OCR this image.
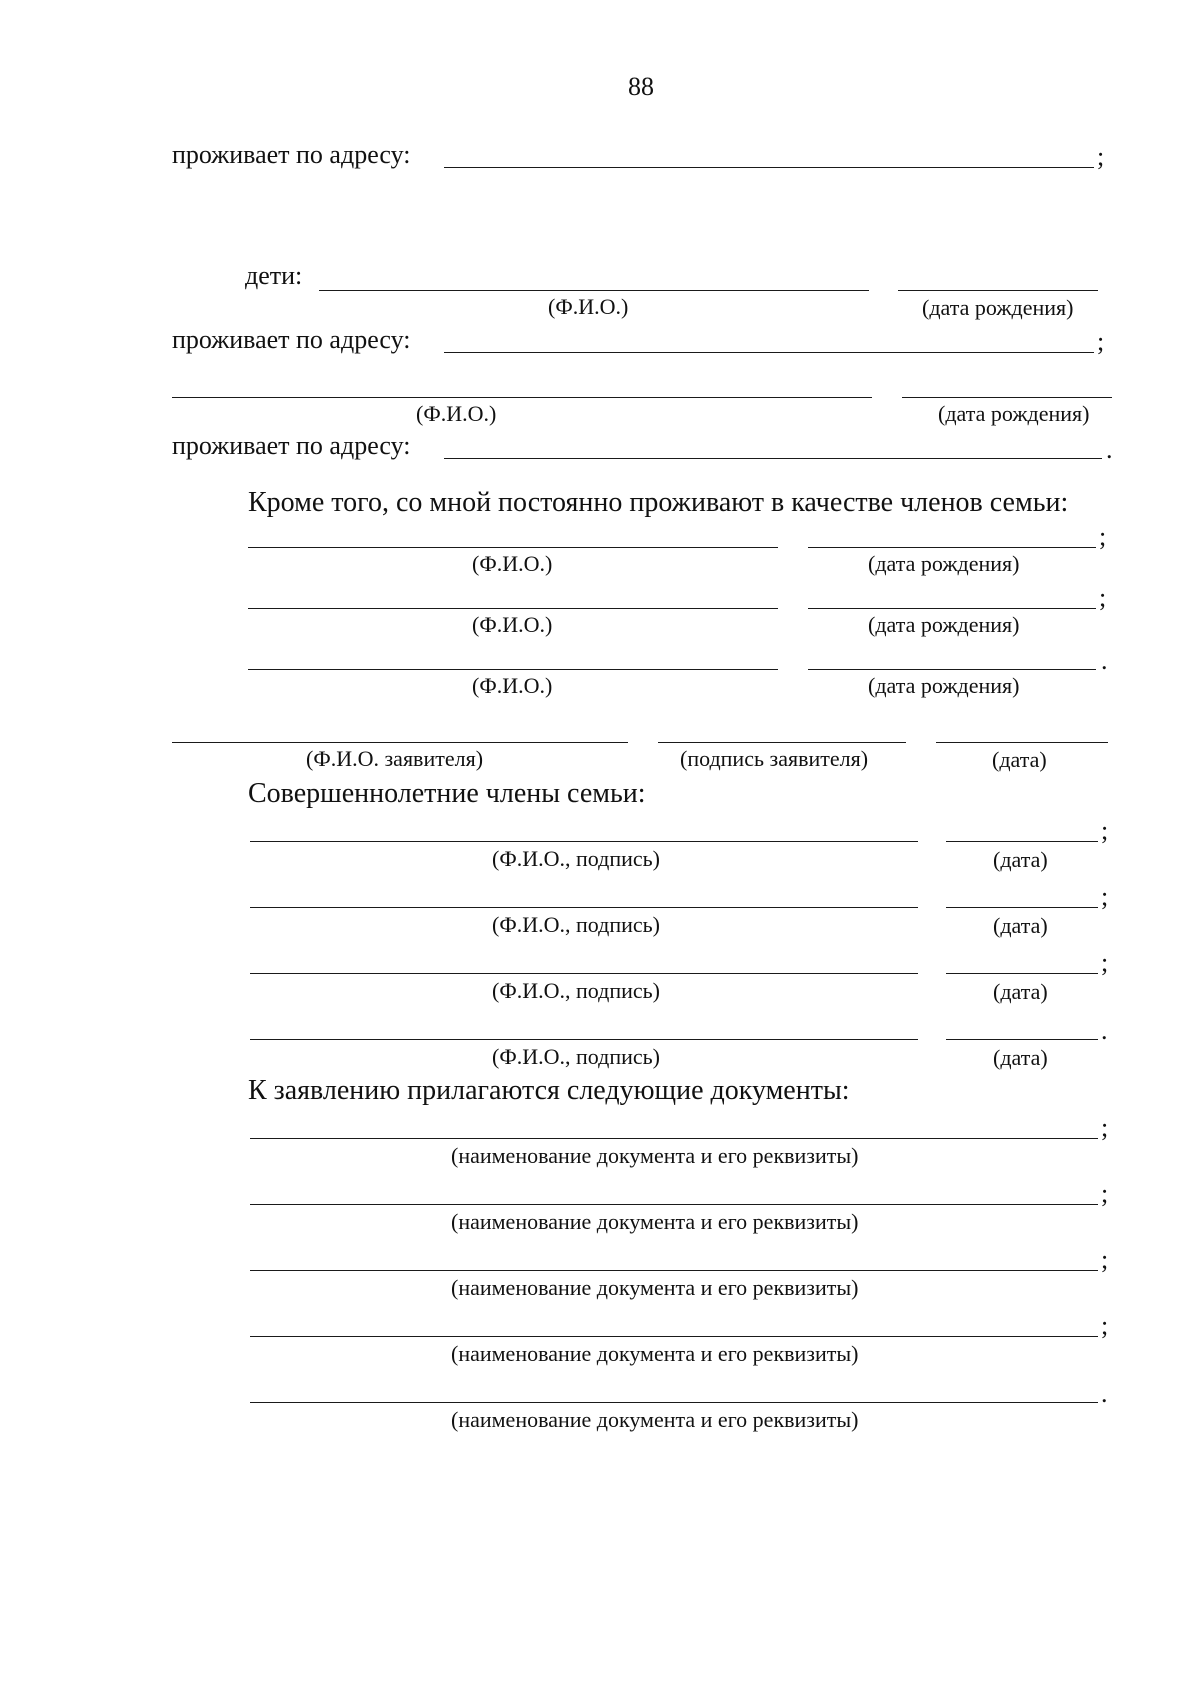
88
проживает по адресу:	;
дети:
(Ф.И.О.)	(дата рождения)
проживает по адресу:	;
(Ф.И.О.)	(дата рождения)
проживает по адресу:	.
Кроме того, со мной постоянно проживают в качестве членов семьи:
;
(Ф.И.О.)	(дата рождения)
;
(Ф.И.О.)	(дата рождения)
.
(Ф.И.О.)	(дата рождения)
(Ф.И.О. заявителя)	(подпись заявителя)	(дата)
Совершеннолетние члены семьи:
;
(Ф.И.О., подпись)	(дата)
;
(Ф.И.О., подпись)	(дата)
;
(Ф.И.О., подпись)	(дата)
.
(Ф.И.О., подпись)	(дата)
К заявлению прилагаются следующие документы:
;
(наименование документа и его реквизиты)
;
(наименование документа и его реквизиты)
;
(наименование документа и его реквизиты)
;
(наименование документа и его реквизиты)
.
(наименование документа и его реквизиты)
